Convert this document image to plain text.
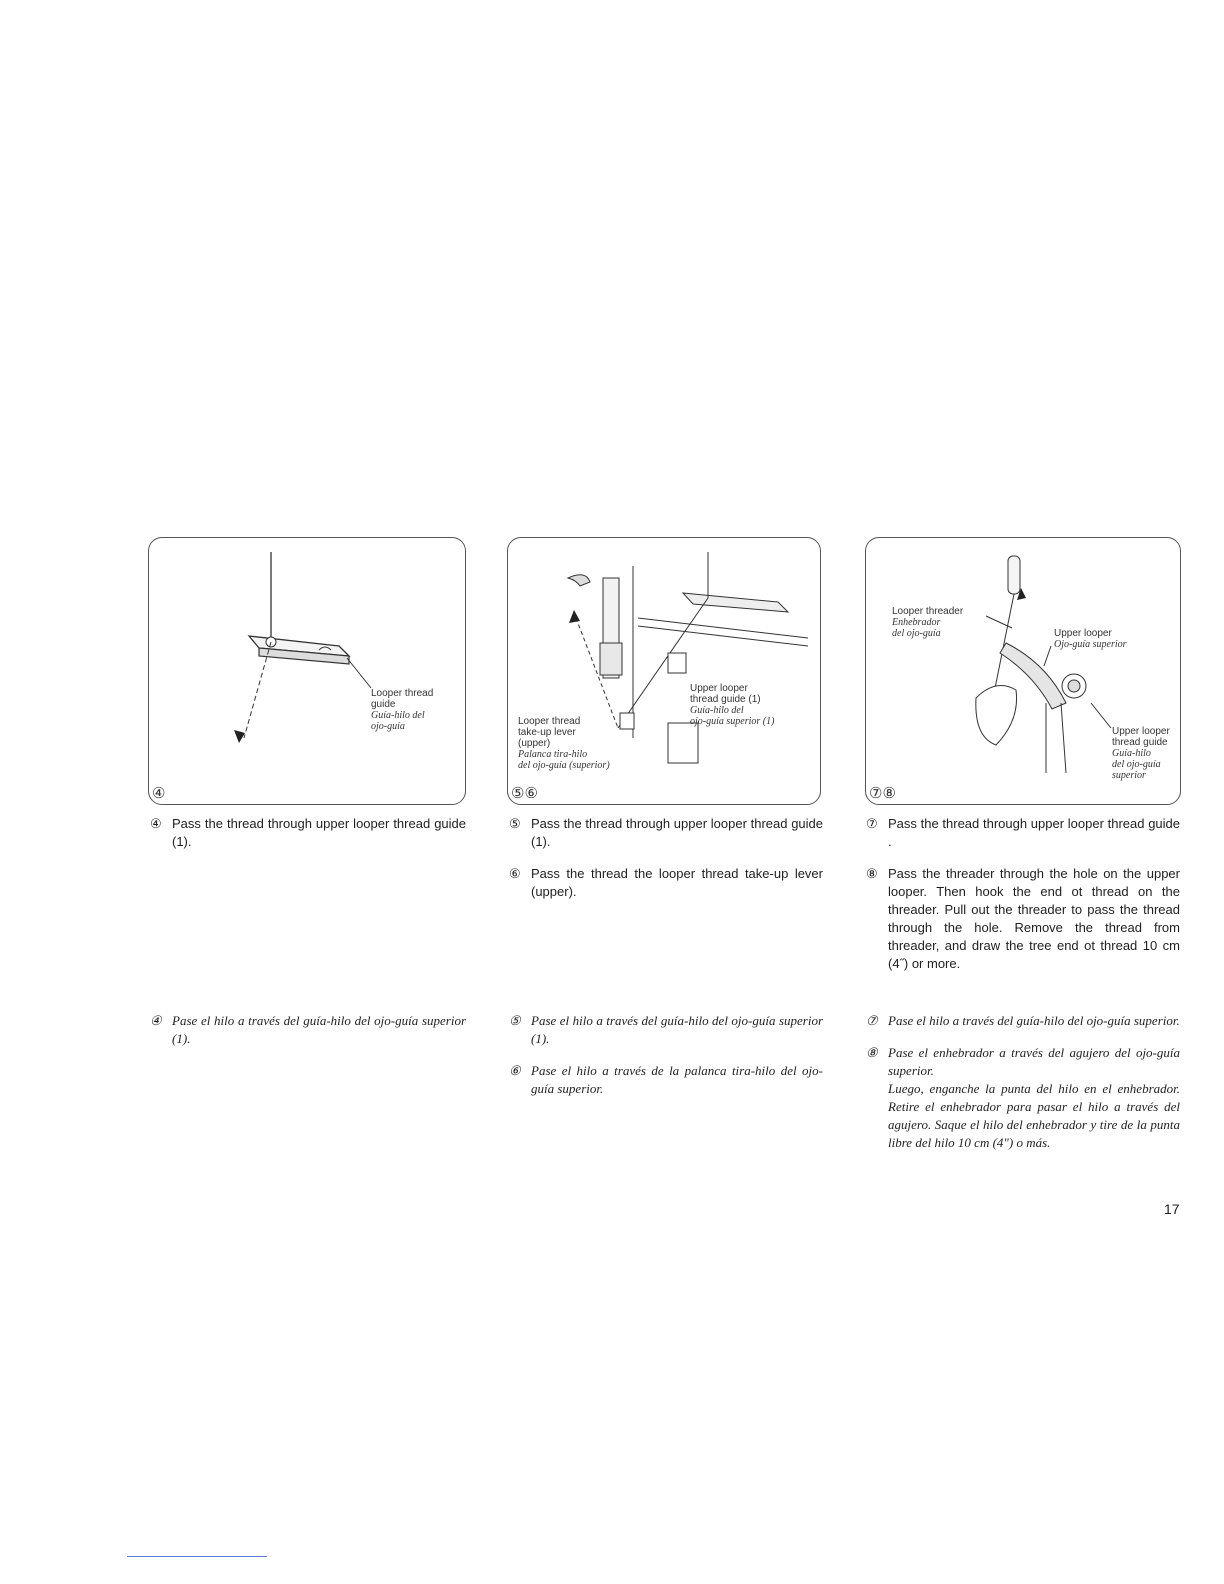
Looper thread
guide
Guía-hilo del
ojo-guía
④
Upper looper
thread guide (1)
Guía-hilo del
ojo-guía superior (1)
Looper thread
take-up lever
(upper)
Palanca tira-hilo
del ojo-guía (superior)
⑤⑥
Looper threader
Enhebrador
del ojo-guía	Upper looper
Ojo-guía superior
Upper looper
thread guide
Guía-hilo
del ojo-guía
superior
⑦⑧

④ Pass the thread through upper looper thread guide (1).

⑤ Pass the thread through upper looper thread guide (1).

⑥ Pass the thread the looper thread take-up lever (upper).

⑦ Pass the thread through upper looper thread guide .

⑧ Pass the threader through the hole on the upper looper. Then hook the end ot thread on the threader. Pull out the threader to pass the thread through the hole. Remove the thread from threader, and draw the tree end ot thread 10 cm (4˝) or more.

④ Pase el hilo a través del guía-hilo del ojo-guía superior (1).

⑤ Pase el hilo a través del guía-hilo del ojo-guía superior (1).

⑥ Pase el hilo a través de la palanca tira-hilo del ojo-guía superior.

⑦ Pase el hilo a través del guía-hilo del ojo-guía superior.

⑧ Pase el enhebrador a través del agujero del ojo-guía superior.
Luego, enganche la punta del hilo en el enhebrador. Retire el enhebrador para pasar el hilo a través del agujero. Saque el hilo del enhebrador y tire de la punta libre del hilo 10 cm (4") o más.

17
